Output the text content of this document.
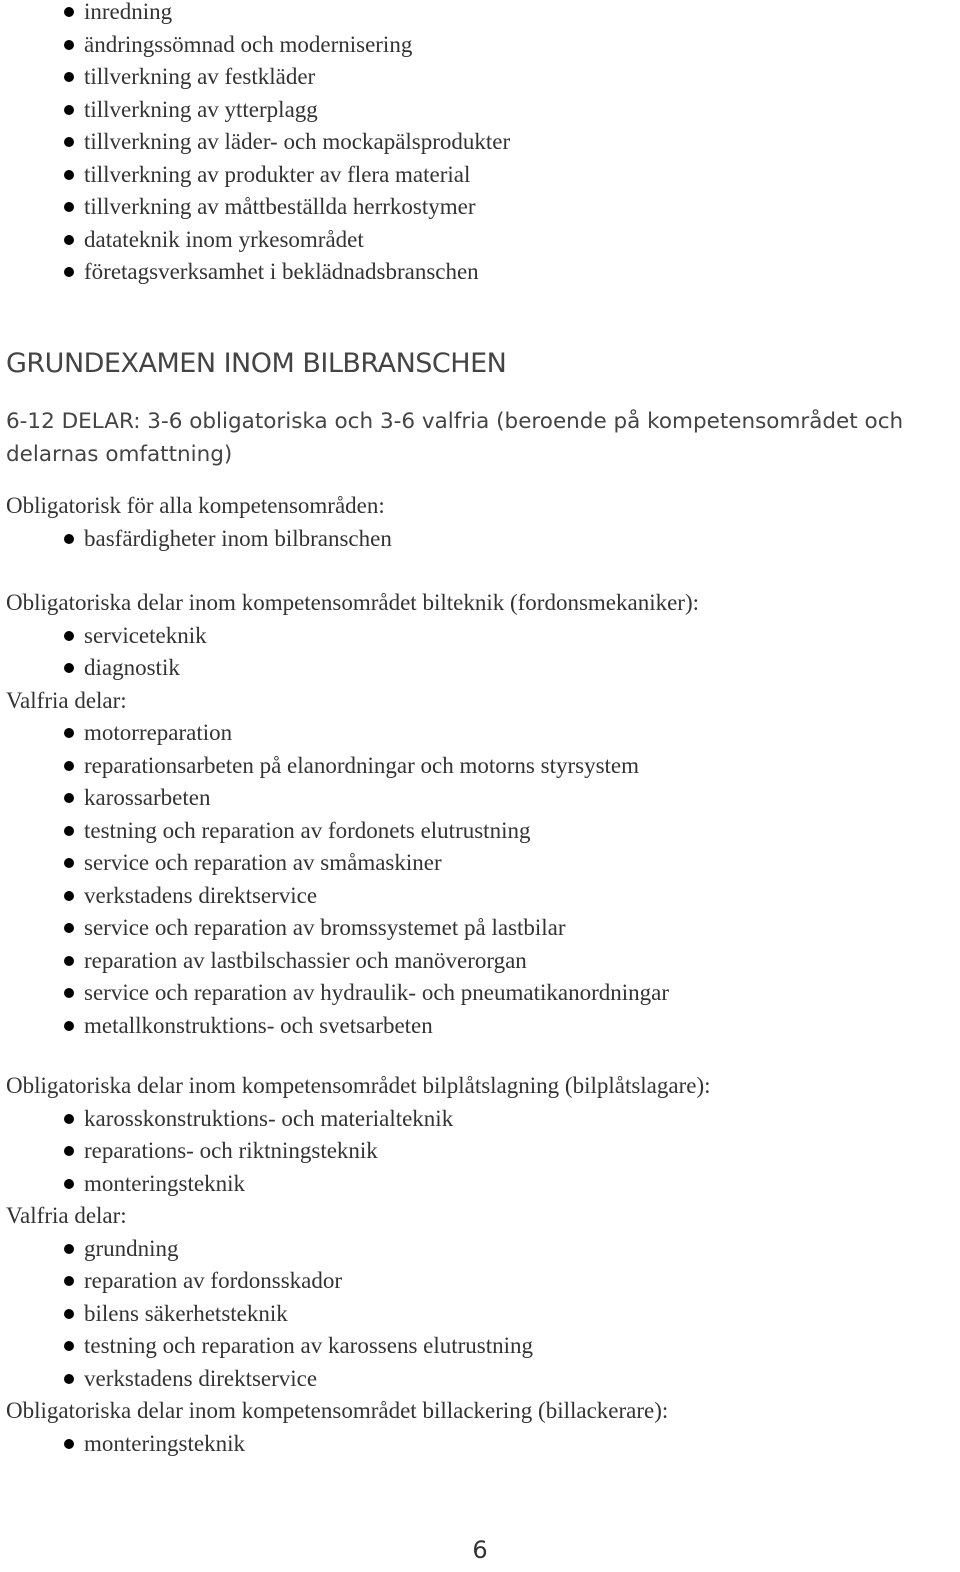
inredning
ändringssömnad och modernisering
tillverkning av festkläder
tillverkning av ytterplagg
tillverkning av läder- och mockapälsprodukter
tillverkning av produkter av flera material
tillverkning av måttbeställda herrkostymer
datateknik inom yrkesområdet
företagsverksamhet i beklädnadsbranschen
GRUNDEXAMEN INOM BILBRANSCHEN
6-12 DELAR: 3-6 obligatoriska och 3-6 valfria (beroende på kompetensområdet och delarnas omfattning)
Obligatorisk för alla kompetensområden:
basfärdigheter inom bilbranschen
Obligatoriska delar inom kompetensområdet bilteknik (fordonsmekaniker):
serviceteknik
diagnostik
Valfria delar:
motorreparation
reparationsarbeten på elanordningar och motorns styrsystem
karossarbeten
testning och reparation av fordonets elutrustning
service och reparation av småmaskiner
verkstadens direktservice
service och reparation av bromssystemet på lastbilar
reparation av lastbilschassier och manöverorgan
service och reparation av hydraulik- och pneumatikanordningar
metallkonstruktions- och svetsarbeten
Obligatoriska delar inom kompetensområdet bilplåtslagning (bilplåtslagare):
karosskonstruktions- och materialteknik
reparations- och riktningsteknik
monteringsteknik
Valfria delar:
grundning
reparation av fordonsskador
bilens säkerhetsteknik
testning och reparation av karossens elutrustning
verkstadens direktservice
Obligatoriska delar inom kompetensområdet billackering (billackerare):
monteringsteknik
6
